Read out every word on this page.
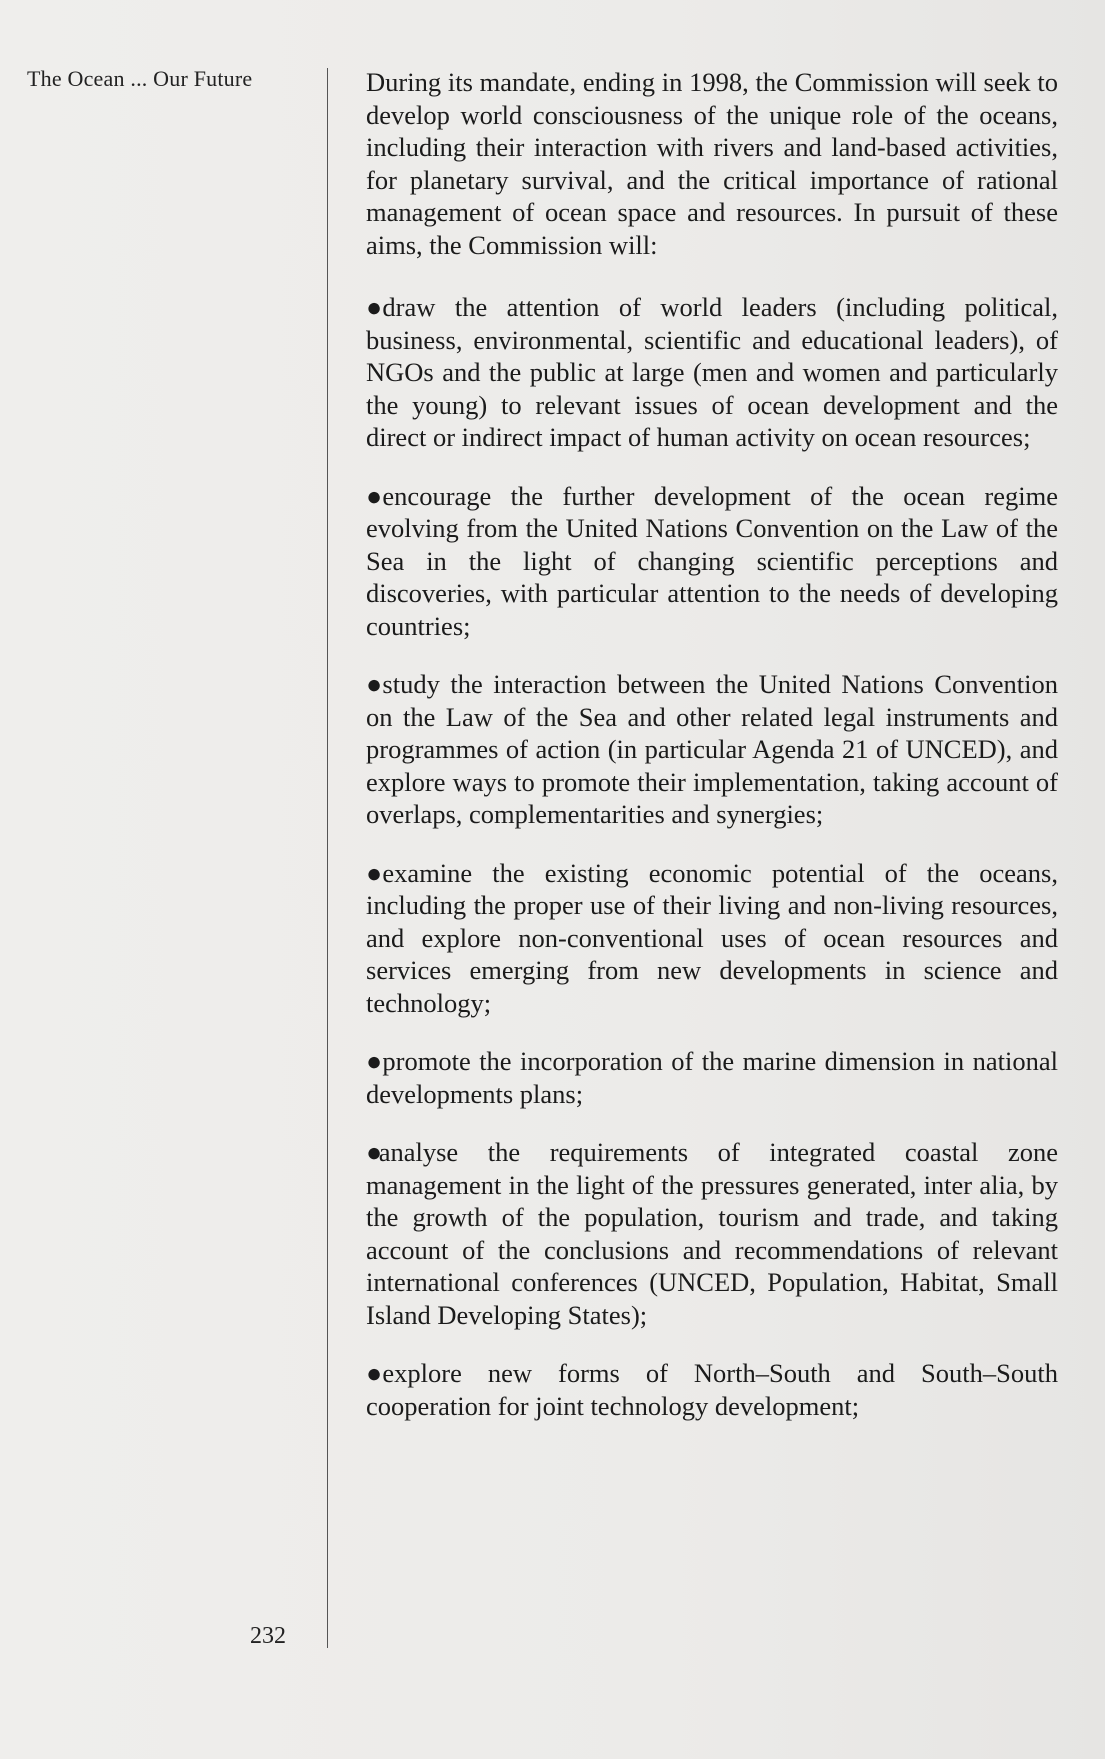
The Ocean ... Our Future	During its mandate, ending in 1998, the Commission will seek to develop world consciousness of the unique role of the oceans, including their interaction with rivers and land-based activities, for planetary survival, and the critical importance of rational management of ocean space and resources. In pursuit of these aims, the Commission will:

●draw the attention of world leaders (including political, business, environmental, scientific and educational leaders), of NGOs and the public at large (men and women and particularly the young) to relevant issues of ocean development and the direct or indirect impact of human activity on ocean resources;

●encourage the further development of the ocean regime evolving from the United Nations Convention on the Law of the Sea in the light of changing scientific perceptions and discoveries, with particular attention to the needs of developing countries;

●study the interaction between the United Nations Convention on the Law of the Sea and other related legal instruments and programmes of action (in particular Agenda 21 of UNCED), and explore ways to promote their implementation, taking account of overlaps, complementarities and synergies;

●examine the existing economic potential of the oceans, including the proper use of their living and non-living resources, and explore non-conventional uses of ocean resources and services emerging from new developments in science and technology;

●promote the incorporation of the marine dimension in national developments plans;

●analyse the requirements of integrated coastal zone management in the light of the pressures generated, inter alia, by the growth of the population, tourism and trade, and taking account of the conclusions and recommendations of relevant international conferences (UNCED, Population, Habitat, Small Island Developing States);

●explore new forms of North–South and South–South cooperation for joint technology development;

232
